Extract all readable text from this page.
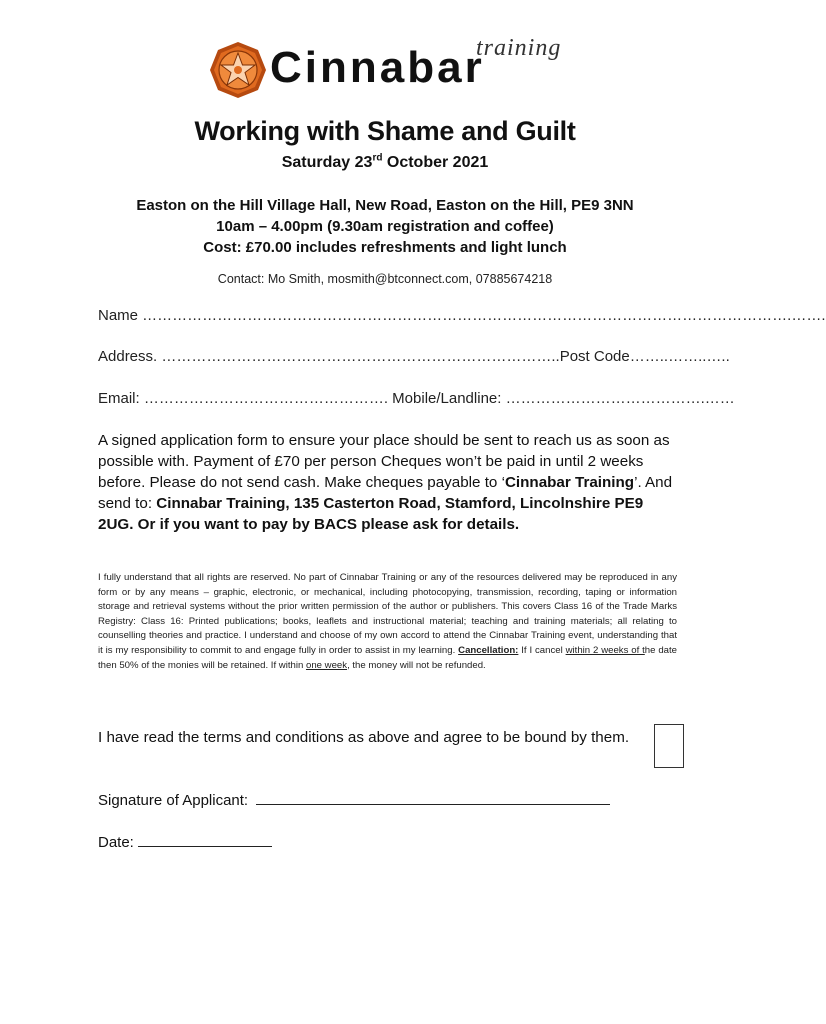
Cinnabar
training
Working with Shame and Guilt
Saturday 23rd October 2021
Easton on the Hill Village Hall, New Road, Easton on the Hill, PE9 3NN
10am – 4.00pm (9.30am registration and coffee)
Cost: £70.00 includes refreshments and light lunch
Contact: Mo Smith, mosmith@btconnect.com, 07885674218
Name ………………………………………………………………………………………………………………….…….
Address. ……………………………………………………………………..Post Code……..……..…..
Email: …………………………………………. Mobile/Landline: ………………………………….……
A signed application form to ensure your place should be sent to reach us as soon as possible with. Payment of £70 per person Cheques won’t be paid in until 2 weeks before. Please do not send cash. Make cheques payable to ‘Cinnabar Training’. And send to: Cinnabar Training, 135 Casterton Road, Stamford, Lincolnshire PE9 2UG. Or if you want to pay by BACS please ask for details.
I fully understand that all rights are reserved. No part of Cinnabar Training or any of the resources delivered may be reproduced in any form or by any means – graphic, electronic, or mechanical, including photocopying, transmission, recording, taping or information storage and retrieval systems without the prior written permission of the author or publishers. This covers Class 16 of the Trade Marks Registry: Class 16: Printed publications; books, leaflets and instructional material; teaching and training materials; all relating to counselling theories and practice. I understand and choose of my own accord to attend the Cinnabar Training event, understanding that it is my responsibility to commit to and engage fully in order to assist in my learning. Cancellation: If I cancel within 2 weeks of the date then 50% of the monies will be retained. If within one week, the money will not be refunded.
I have read the terms and conditions as above and agree to be bound by them.
Signature of Applicant:
Date:
